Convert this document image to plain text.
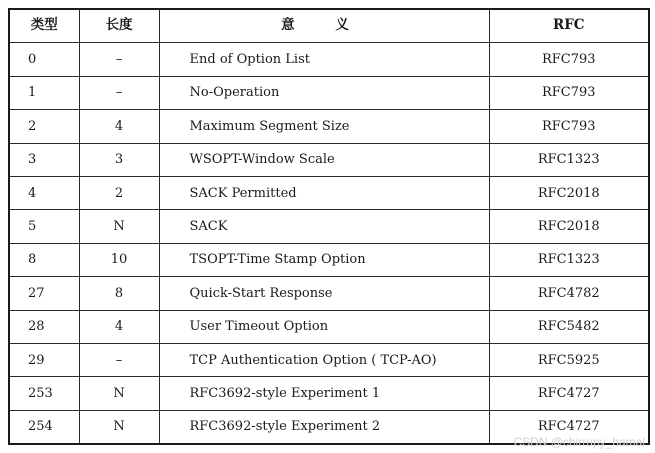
类型	长度	意 义	RFC
0	–	End of Option List	RFC793
1	–	No-Operation	RFC793
2	4	Maximum Segment Size	RFC793
3	3	WSOPT-Window Scale	RFC1323
4	2	SACK Permitted	RFC2018
5	N	SACK	RFC2018
8	10	TSOPT-Time Stamp Option	RFC1323
27	8	Quick-Start Response	RFC4782
28	4	User Timeout Option	RFC5482
29	–	TCP Authentication Option ( TCP-AO)	RFC5925
253	N	RFC3692-style Experiment 1	RFC4727
254	N	RFC3692-style Experiment 2	RFC4727
CSDN @chirrupy_hamal
